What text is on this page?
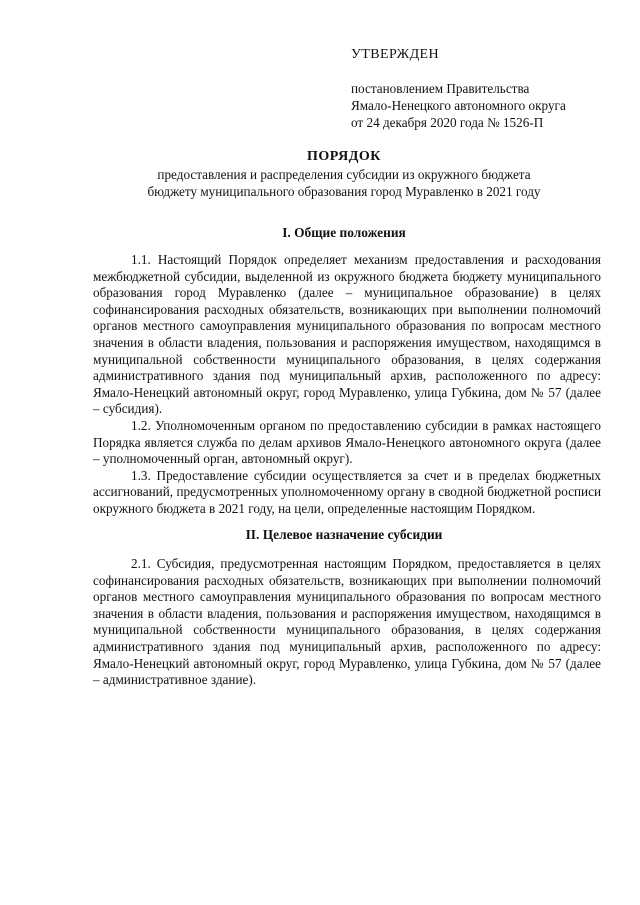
УТВЕРЖДЕН
постановлением Правительства
Ямало-Ненецкого автономного округа
от 24 декабря 2020 года № 1526-П
ПОРЯДОК
предоставления и распределения субсидии из окружного бюджета
бюджету муниципального образования город Муравленко в 2021 году
I. Общие положения

1.1. Настоящий Порядок определяет механизм предоставления и расходования межбюджетной субсидии, выделенной из окружного бюджета бюджету муниципального образования город Муравленко (далее – муниципальное образование) в целях софинансирования расходных обязательств, возникающих при выполнении полномочий органов местного самоуправления муниципального образования по вопросам местного значения в области владения, пользования и распоряжения имуществом, находящимся в муниципальной собственности муниципального образования, в целях содержания административного здания под муниципальный архив, расположенного по адресу: Ямало-Ненецкий автономный округ, город Муравленко, улица Губкина, дом № 57 (далее – субсидия).

1.2. Уполномоченным органом по предоставлению субсидии в рамках настоящего Порядка является служба по делам архивов Ямало-Ненецкого автономного округа (далее – уполномоченный орган, автономный округ).

1.3. Предоставление субсидии осуществляется за счет и в пределах бюджетных ассигнований, предусмотренных уполномоченному органу в сводной бюджетной росписи окружного бюджета в 2021 году, на цели, определенные настоящим Порядком.

II. Целевое назначение субсидии

2.1. Субсидия, предусмотренная настоящим Порядком, предоставляется в целях софинансирования расходных обязательств, возникающих при выполнении полномочий органов местного самоуправления муниципального образования по вопросам местного значения в области владения, пользования и распоряжения имуществом, находящимся в муниципальной собственности муниципального образования, в целях содержания административного здания под муниципальный архив, расположенного по адресу: Ямало-Ненецкий автономный округ, город Муравленко, улица Губкина, дом № 57 (далее – административное здание).
